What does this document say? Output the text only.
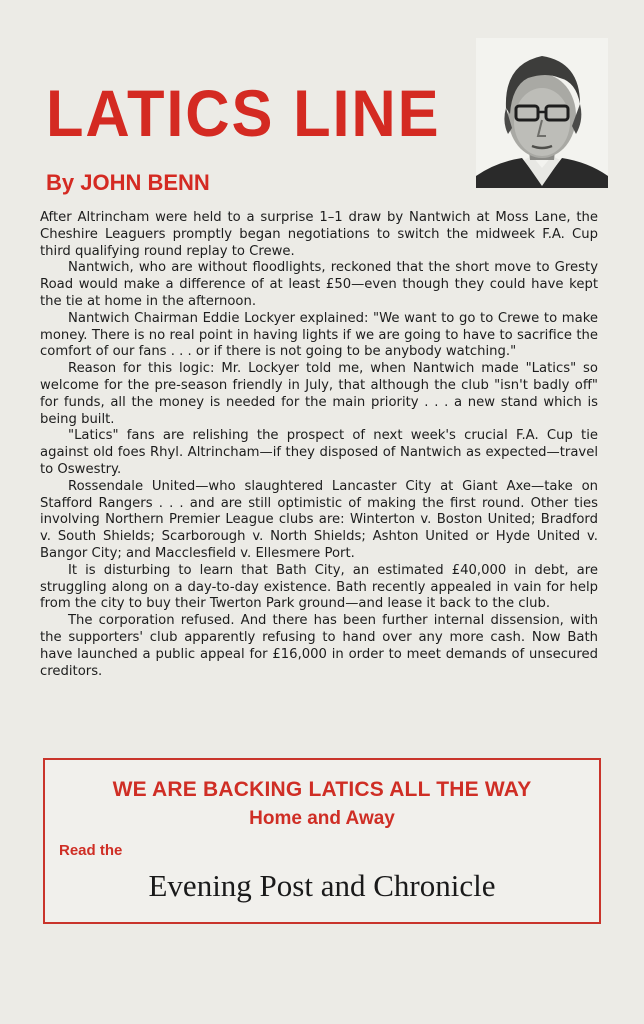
LATICS LINE
By JOHN BENN

After Altrincham were held to a surprise 1–1 draw by Nantwich at Moss Lane, the Cheshire Leaguers promptly began negotiations to switch the midweek F.A. Cup third qualifying round replay to Crewe.

Nantwich, who are without floodlights, reckoned that the short move to Gresty Road would make a difference of at least £50—even though they could have kept the tie at home in the afternoon.

Nantwich Chairman Eddie Lockyer explained: "We want to go to Crewe to make money. There is no real point in having lights if we are going to have to sacrifice the comfort of our fans . . . or if there is not going to be anybody watching."

Reason for this logic: Mr. Lockyer told me, when Nantwich made "Latics" so welcome for the pre-season friendly in July, that although the club "isn't badly off" for funds, all the money is needed for the main priority . . . a new stand which is being built.

"Latics" fans are relishing the prospect of next week's crucial F.A. Cup tie against old foes Rhyl. Altrincham—if they disposed of Nantwich as expected—travel to Oswestry.

Rossendale United—who slaughtered Lancaster City at Giant Axe—take on Stafford Rangers . . . and are still optimistic of making the first round. Other ties involving Northern Premier League clubs are: Winterton v. Boston United; Bradford v. South Shields; Scarborough v. North Shields; Ashton United or Hyde United v. Bangor City; and Macclesfield v. Ellesmere Port.

It is disturbing to learn that Bath City, an estimated £40,000 in debt, are struggling along on a day-to-day existence. Bath recently appealed in vain for help from the city to buy their Twerton Park ground—and lease it back to the club.

The corporation refused. And there has been further internal dissension, with the supporters' club apparently refusing to hand over any more cash. Now Bath have launched a public appeal for £16,000 in order to meet demands of unsecured creditors.

WE ARE BACKING LATICS ALL THE WAY
Home and Away
Read the
Evening Post and Chronicle
